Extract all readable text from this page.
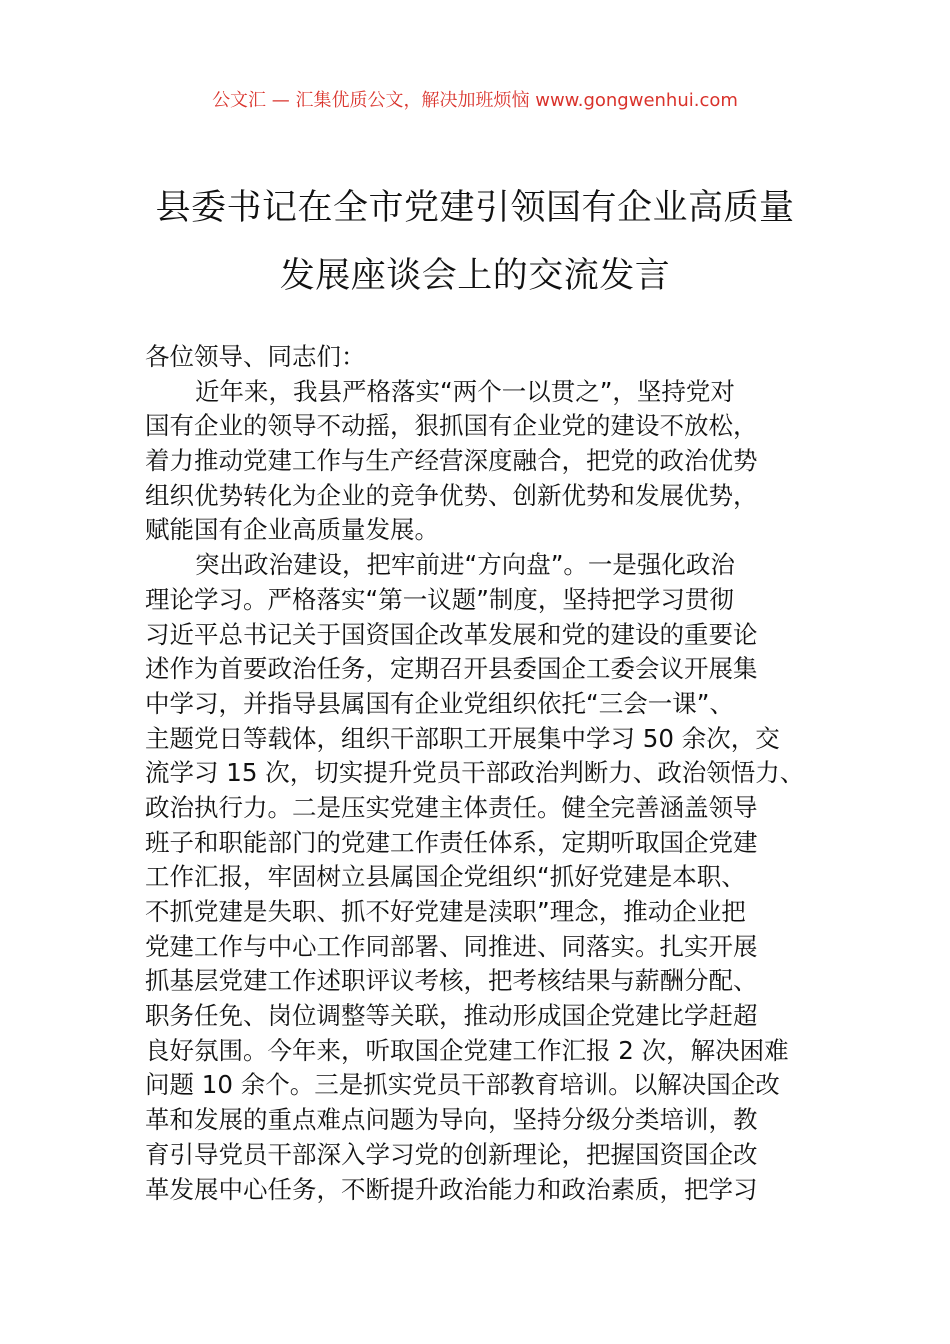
公文汇 — 汇集优质公文，解决加班烦恼 www.gongwenhui.com
县委书记在全市党建引领国有企业高质量
发展座谈会上的交流发言
各位领导、同志们：
近年来，我县严格落实“两个一以贯之”，坚持党对
国有企业的领导不动摇，狠抓国有企业党的建设不放松，
着力推动党建工作与生产经营深度融合，把党的政治优势
组织优势转化为企业的竞争优势、创新优势和发展优势，
赋能国有企业高质量发展。
突出政治建设，把牢前进“方向盘”。一是强化政治
理论学习。严格落实“第一议题”制度，坚持把学习贯彻
习近平总书记关于国资国企改革发展和党的建设的重要论
述作为首要政治任务，定期召开县委国企工委会议开展集
中学习，并指导县属国有企业党组织依托“三会一课”、
主题党日等载体，组织干部职工开展集中学习 50 余次，交
流学习 15 次，切实提升党员干部政治判断力、政治领悟力、
政治执行力。二是压实党建主体责任。健全完善涵盖领导
班子和职能部门的党建工作责任体系，定期听取国企党建
工作汇报，牢固树立县属国企党组织“抓好党建是本职、
不抓党建是失职、抓不好党建是渎职”理念，推动企业把
党建工作与中心工作同部署、同推进、同落实。扎实开展
抓基层党建工作述职评议考核，把考核结果与薪酬分配、
职务任免、岗位调整等关联，推动形成国企党建比学赶超
良好氛围。今年来，听取国企党建工作汇报 2 次，解决困难
问题 10 余个。三是抓实党员干部教育培训。以解决国企改
革和发展的重点难点问题为导向，坚持分级分类培训，教
育引导党员干部深入学习党的创新理论，把握国资国企改
革发展中心任务，不断提升政治能力和政治素质，把学习
